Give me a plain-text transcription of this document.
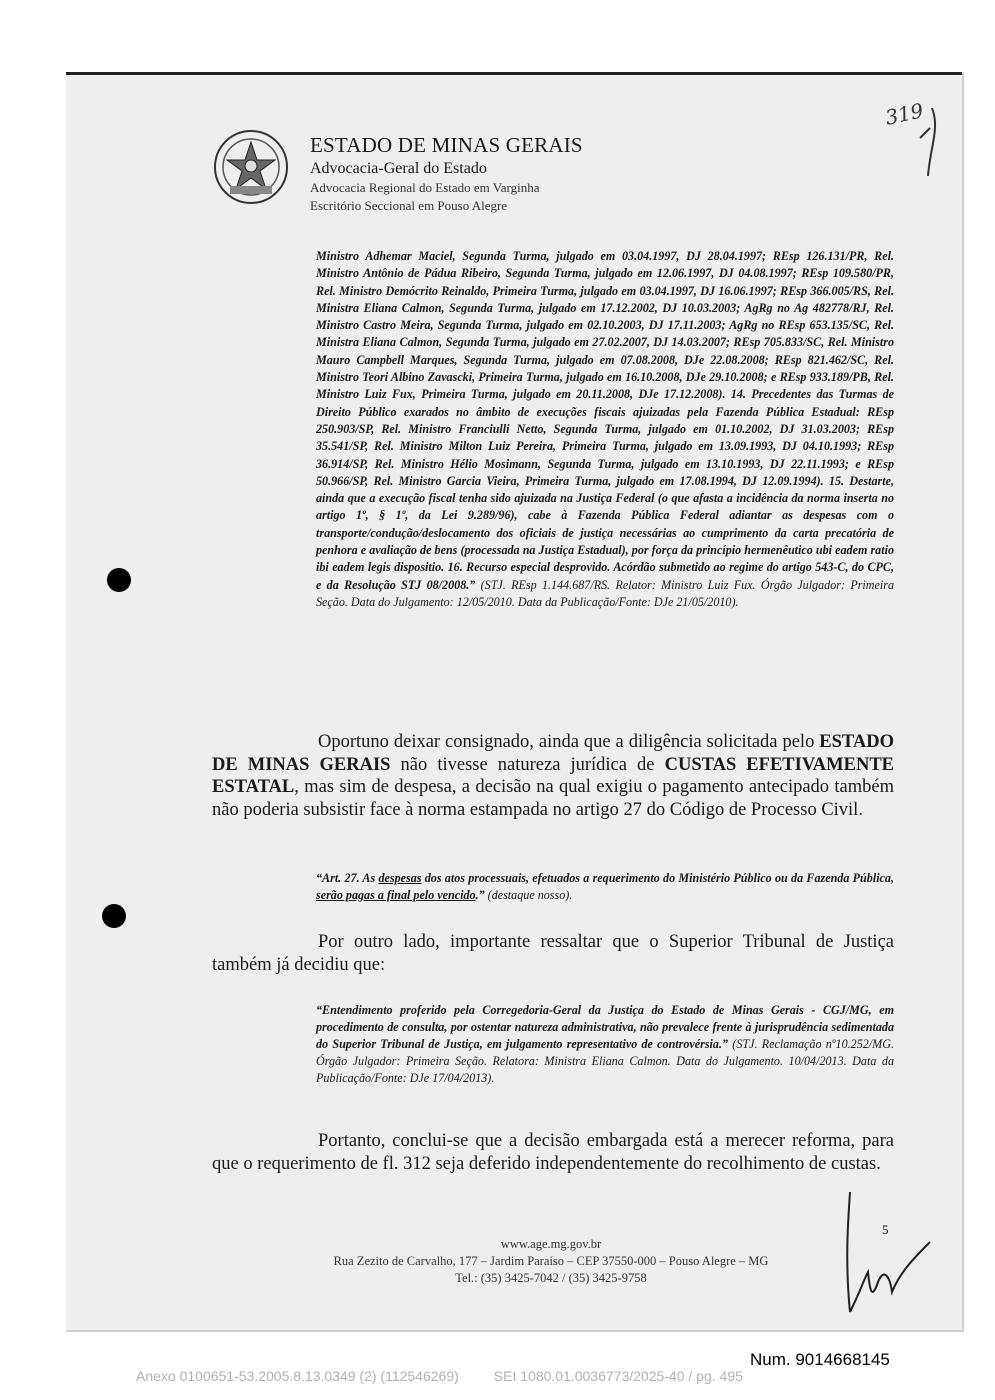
ESTADO DE MINAS GERAIS
Advocacia-Geral do Estado
Advocacia Regional do Estado em Varginha
Escritório Seccional em Pouso Alegre
319
Ministro Adhemar Maciel, Segunda Turma, julgado em 03.04.1997, DJ 28.04.1997; REsp 126.131/PR, Rel. Ministro Antônio de Pádua Ribeiro, Segunda Turma, julgado em 12.06.1997, DJ 04.08.1997; REsp 109.580/PR, Rel. Ministro Demócrito Reinaldo, Primeira Turma, julgado em 03.04.1997, DJ 16.06.1997; REsp 366.005/RS, Rel. Ministra Eliana Calmon, Segunda Turma, julgado em 17.12.2002, DJ 10.03.2003; AgRg no Ag 482778/RJ, Rel. Ministro Castro Meira, Segunda Turma, julgado em 02.10.2003, DJ 17.11.2003; AgRg no REsp 653.135/SC, Rel. Ministra Eliana Calmon, Segunda Turma, julgado em 27.02.2007, DJ 14.03.2007; REsp 705.833/SC, Rel. Ministro Mauro Campbell Marques, Segunda Turma, julgado em 07.08.2008, DJe 22.08.2008; REsp 821.462/SC, Rel. Ministro Teori Albino Zavascki, Primeira Turma, julgado em 16.10.2008, DJe 29.10.2008; e REsp 933.189/PB, Rel. Ministro Luiz Fux, Primeira Turma, julgado em 20.11.2008, DJe 17.12.2008). 14. Precedentes das Turmas de Direito Público exarados no âmbito de execuções fiscais ajuizadas pela Fazenda Pública Estadual: REsp 250.903/SP, Rel. Ministro Franciulli Netto, Segunda Turma, julgado em 01.10.2002, DJ 31.03.2003; REsp 35.541/SP, Rel. Ministro Milton Luiz Pereira, Primeira Turma, julgado em 13.09.1993, DJ 04.10.1993; REsp 36.914/SP, Rel. Ministro Hélio Mosimann, Segunda Turma, julgado em 13.10.1993, DJ 22.11.1993; e REsp 50.966/SP, Rel. Ministro Garcia Vieira, Primeira Turma, julgado em 17.08.1994, DJ 12.09.1994). 15. Destarte, ainda que a execução fiscal tenha sido ajuizada na Justiça Federal (o que afasta a incidência da norma inserta no artigo 1º, § 1º, da Lei 9.289/96), cabe à Fazenda Pública Federal adiantar as despesas com o transporte/condução/deslocamento dos oficiais de justiça necessárias ao cumprimento da carta precatória de penhora e avaliação de bens (processada na Justiça Estadual), por força da princípio hermenêutico ubi eadem ratio ibi eadem legis dispositio. 16. Recurso especial desprovido. Acórdão submetido ao regime do artigo 543-C, do CPC, e da Resolução STJ 08/2008.” (STJ. REsp 1.144.687/RS. Relator: Ministro Luiz Fux. Órgão Julgador: Primeira Seção. Data do Julgamento: 12/05/2010. Data da Publicação/Fonte: DJe 21/05/2010).
Oportuno deixar consignado, ainda que a diligência solicitada pelo ESTADO DE MINAS GERAIS não tivesse natureza jurídica de CUSTAS EFETIVAMENTE ESTATAL, mas sim de despesa, a decisão na qual exigiu o pagamento antecipado também não poderia subsistir face à norma estampada no artigo 27 do Código de Processo Civil.
“Art. 27. As despesas dos atos processuais, efetuados a requerimento do Ministério Público ou da Fazenda Pública, serão pagas a final pelo vencido.” (destaque nosso).
Por outro lado, importante ressaltar que o Superior Tribunal de Justiça também já decidiu que:
“Entendimento proferido pela Corregedoria-Geral da Justiça do Estado de Minas Gerais - CGJ/MG, em procedimento de consulta, por ostentar natureza administrativa, não prevalece frente à jurisprudência sedimentada do Superior Tribunal de Justiça, em julgamento representativo de controvérsia.” (STJ. Reclamação nº10.252/MG. Órgão Julgador: Primeira Seção. Relatora: Ministra Eliana Calmon. Data do Julgamento. 10/04/2013. Data da Publicação/Fonte: DJe 17/04/2013).
Portanto, conclui-se que a decisão embargada está a merecer reforma, para que o requerimento de fl. 312 seja deferido independentemente do recolhimento de custas.
5
www.age.mg.gov.br
Rua Zezito de Carvalho, 177 – Jardim Paraíso – CEP 37550-000 – Pouso Alegre – MG
Tel.: (35) 3425-7042 / (35) 3425-9758
Num. 9014668145
Anexo 0100651-53.2005.8.13.0349 (2) (112546269)         SEI 1080.01.0036773/2025-40 / pg. 495
